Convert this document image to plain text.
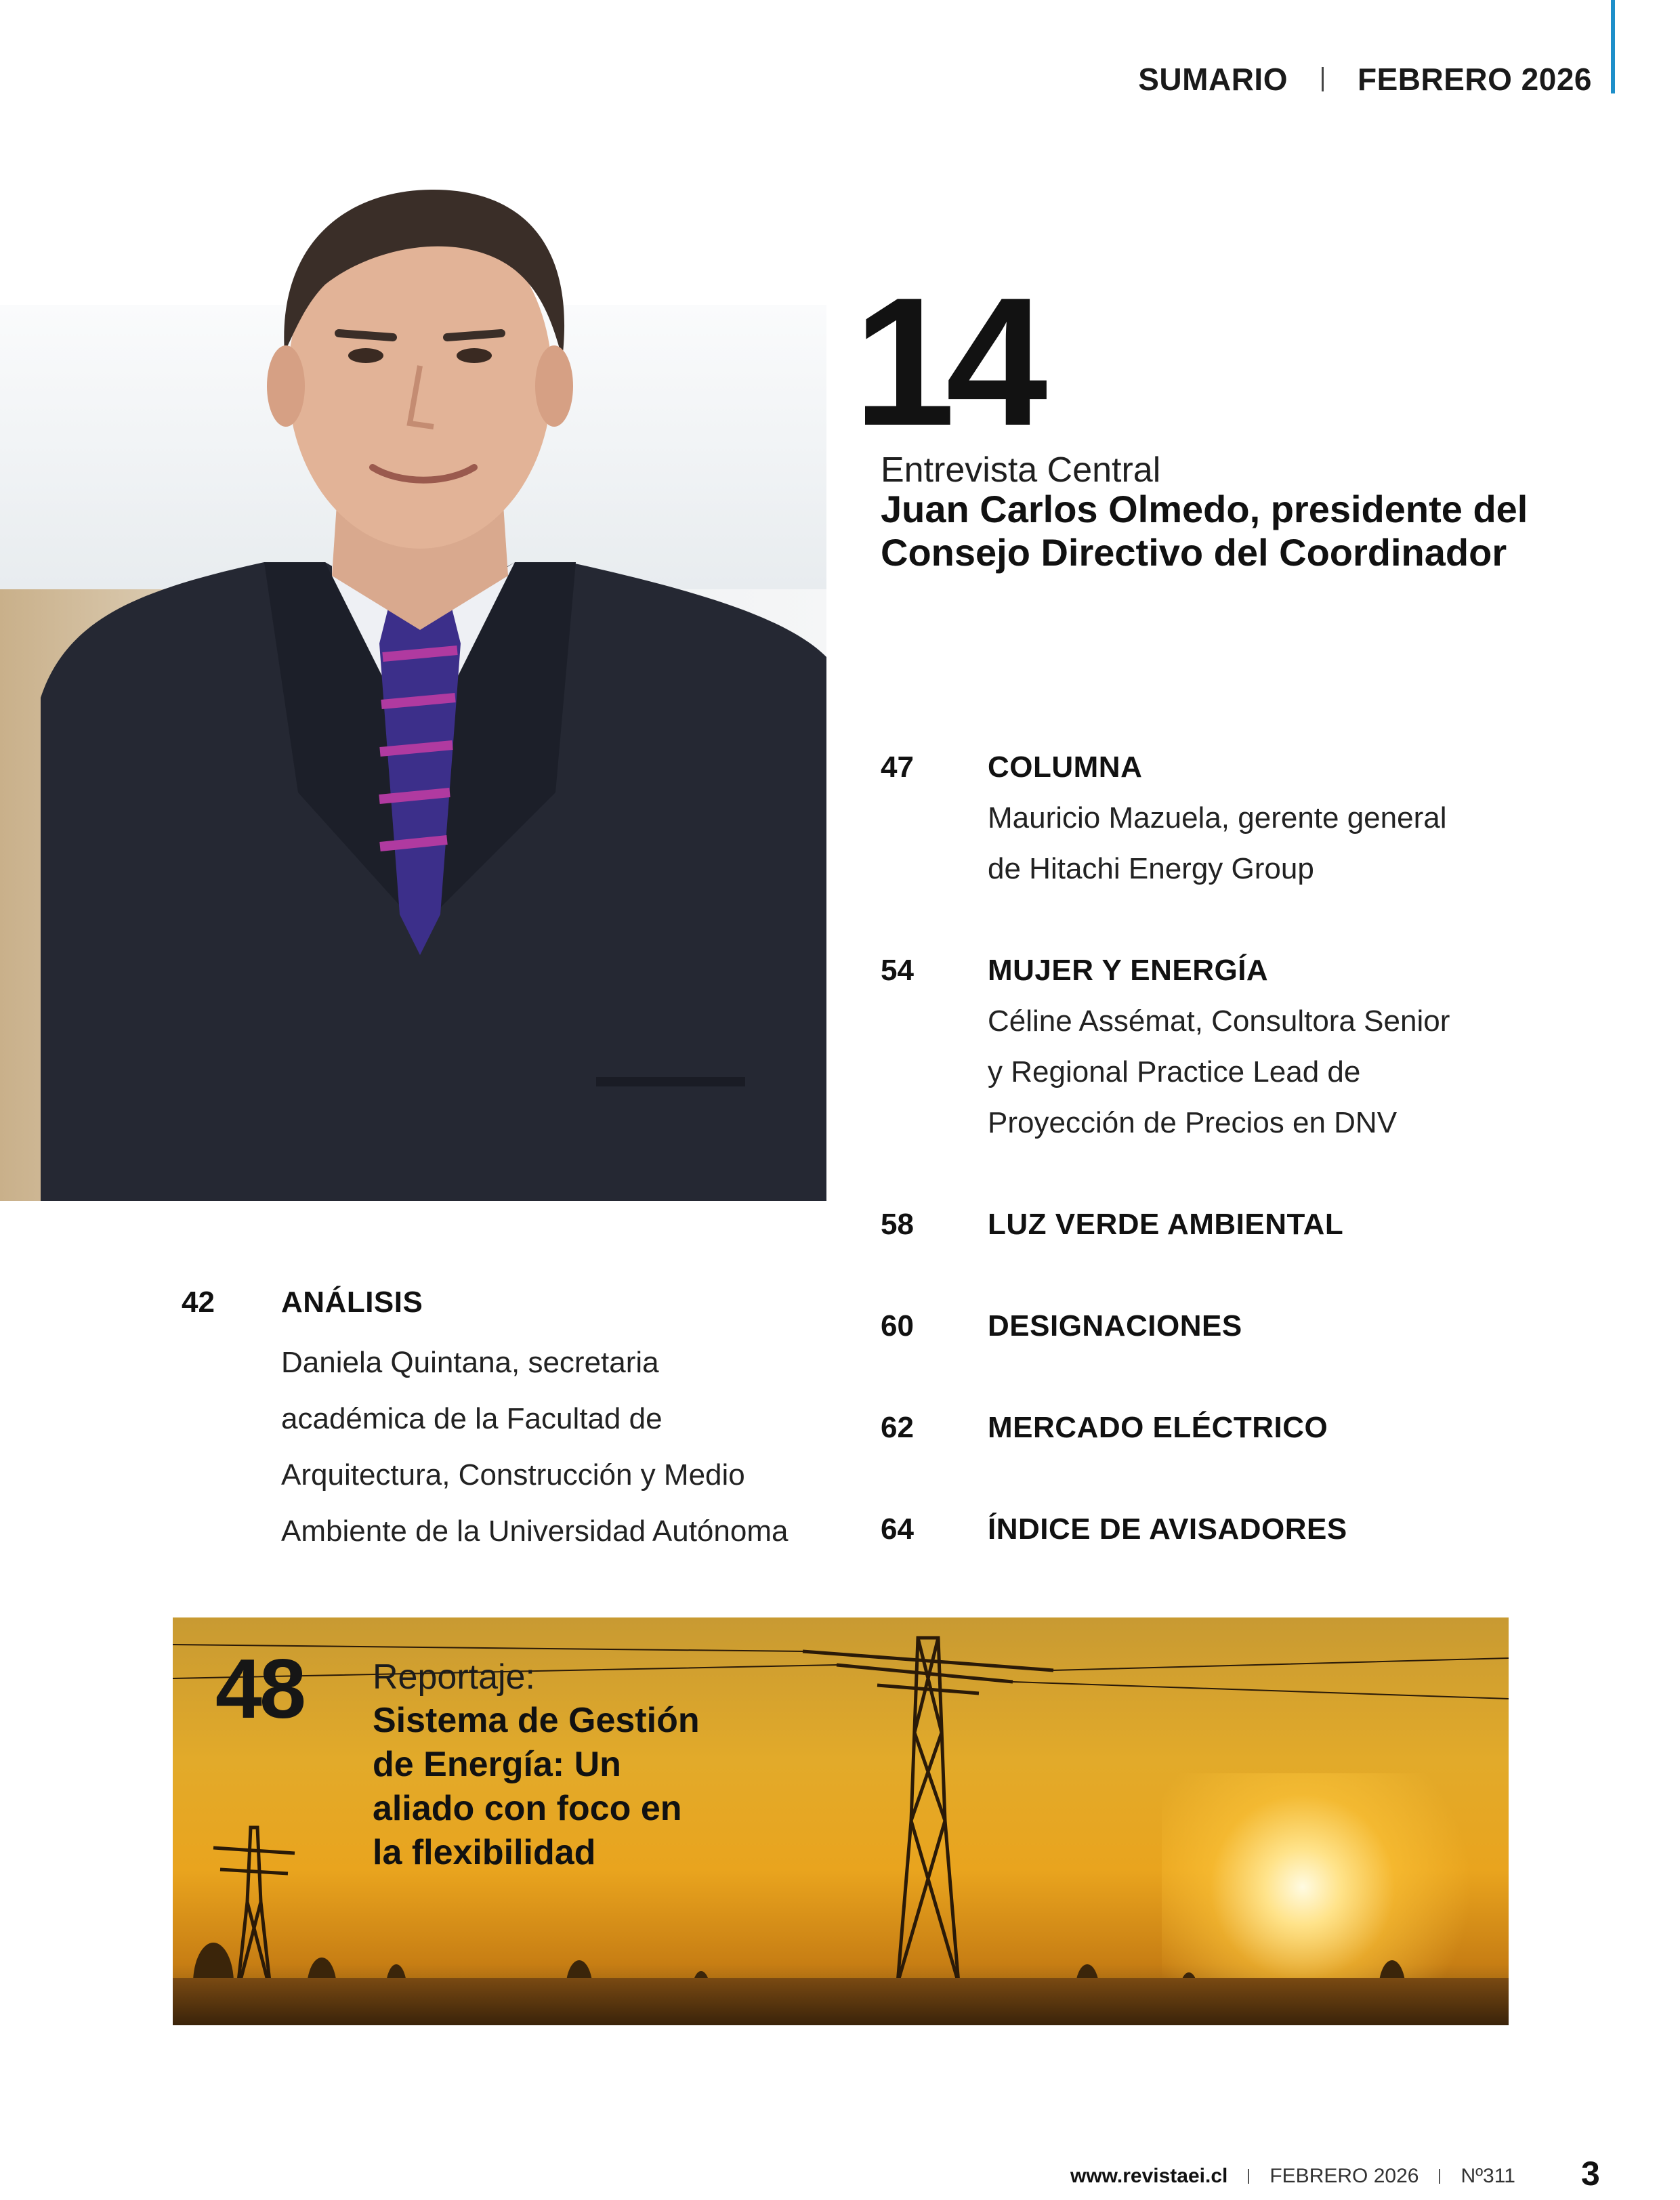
SUMARIO FEBRERO 2026
14
Entrevista Central
Juan Carlos Olmedo, presidente del Consejo Directivo del Coordinador
47 COLUMNA
Mauricio Mazuela, gerente general
de Hitachi Energy Group
54 MUJER Y ENERGÍA
Céline Assémat, Consultora Senior
y Regional Practice Lead de
Proyección de Precios en DNV
58 LUZ VERDE AMBIENTAL
60 DESIGNACIONES
62 MERCADO ELÉCTRICO
64 ÍNDICE DE AVISADORES
42 ANÁLISIS
Daniela Quintana, secretaria
académica de la Facultad de
Arquitectura, Construcción y Medio
Ambiente de la Universidad Autónoma
48 Reportaje:
Sistema de Gestión
de Energía: Un
aliado con foco en
la flexibilidad
www.revistaei.cl FEBRERO 2026 Nº311 3
